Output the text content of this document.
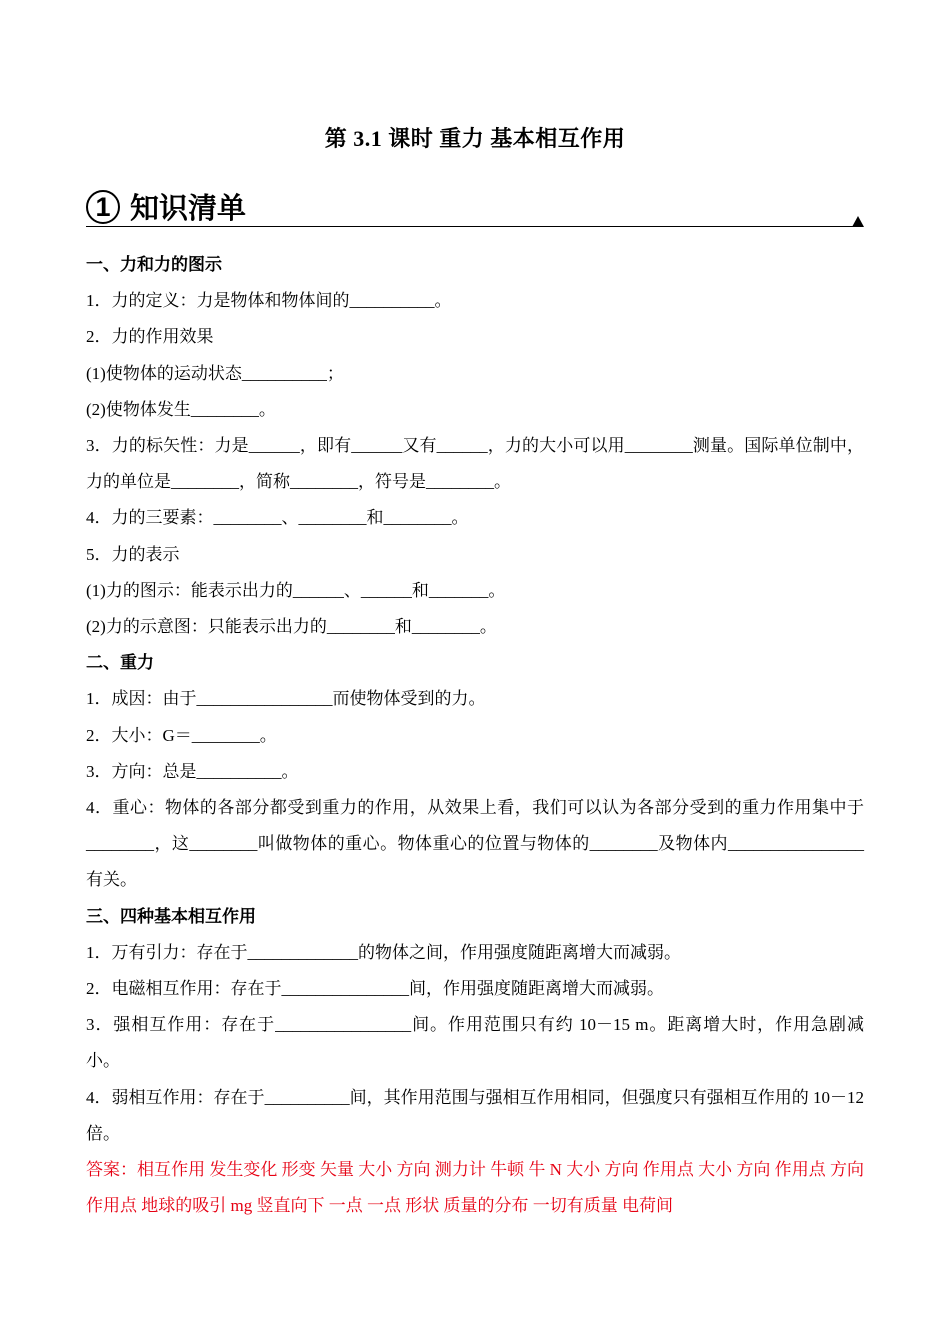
第 3.1 课时 重力 基本相互作用
1 知识清单
一、力和力的图示
1．力的定义：力是物体和物体间的__________。
2．力的作用效果
(1)使物体的运动状态__________；
(2)使物体发生________。
3．力的标矢性：力是______，即有______又有______，力的大小可以用________测量。国际单位制中，力的单位是________，简称________，符号是________。
4．力的三要素：________、________和________。
5．力的表示
(1)力的图示：能表示出力的______、______和_______。
(2)力的示意图：只能表示出力的________和________。
二、重力
1．成因：由于________________而使物体受到的力。
2．大小：G＝________。
3．方向：总是__________。
4．重心：物体的各部分都受到重力的作用，从效果上看，我们可以认为各部分受到的重力作用集中于________，这________叫做物体的重心。物体重心的位置与物体的________及物体内________________有关。
三、四种基本相互作用
1．万有引力：存在于_____________的物体之间，作用强度随距离增大而减弱。
2．电磁相互作用：存在于_______________间，作用强度随距离增大而减弱。
3．强相互作用：存在于________________间。作用范围只有约 10－15 m。距离增大时，作用急剧减小。
4．弱相互作用：存在于__________间，其作用范围与强相互作用相同，但强度只有强相互作用的 10－12 倍。
答案：相互作用 发生变化 形变 矢量 大小 方向 测力计 牛顿 牛 N 大小 方向 作用点 大小 方向 作用点 方向 作用点 地球的吸引 mg 竖直向下 一点 一点 形状 质量的分布 一切有质量 电荷间
